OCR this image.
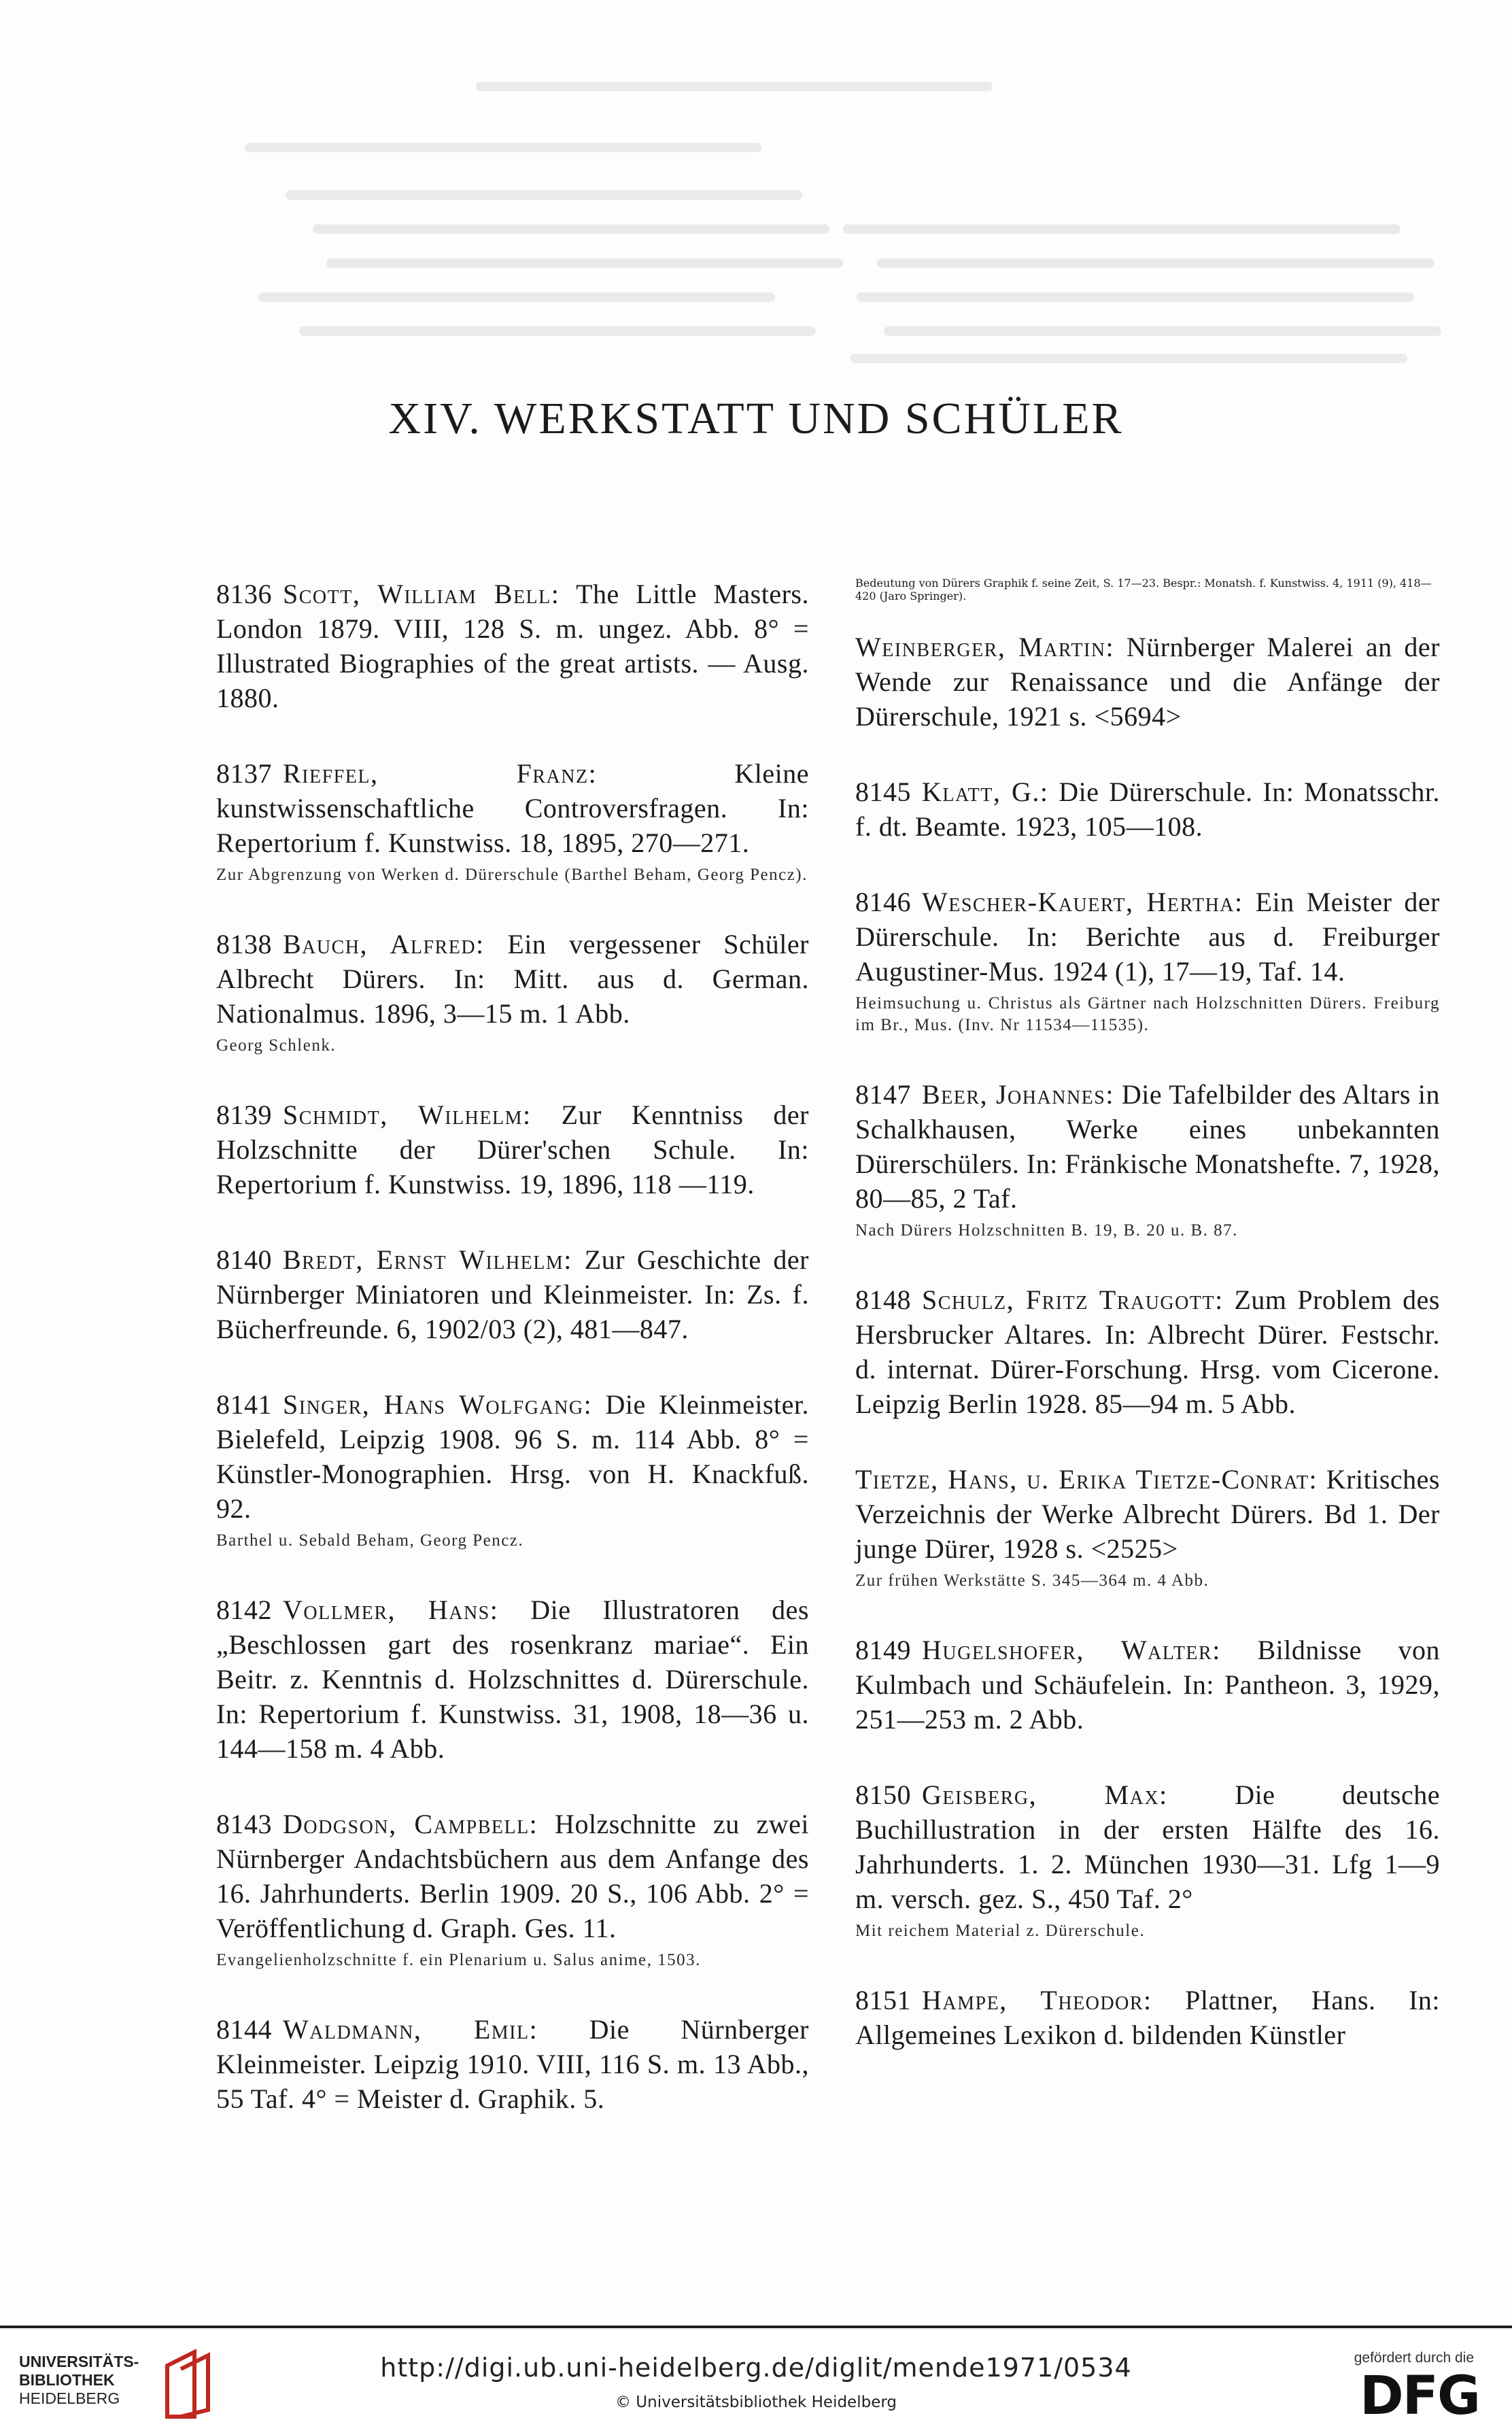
XIV. WERKSTATT UND SCHÜLER

8136 Scott, William Bell: The Little Masters. London 1879. VIII, 128 S. m. ungez. Abb. 8° = Illustrated Biographies of the great artists. — Ausg. 1880.

8137 Rieffel, Franz: Kleine kunstwissenschaftliche Controversfragen. In: Repertorium f. Kunstwiss. 18, 1895, 270—271.

Zur Abgrenzung von Werken d. Dürerschule (Barthel Beham, Georg Pencz).

8138 Bauch, Alfred: Ein vergessener Schüler Albrecht Dürers. In: Mitt. aus d. German. Nationalmus. 1896, 3—15 m. 1 Abb.

Georg Schlenk.

8139 Schmidt, Wilhelm: Zur Kenntniss der Holzschnitte der Dürer'schen Schule. In: Repertorium f. Kunstwiss. 19, 1896, 118 —119.

8140 Bredt, Ernst Wilhelm: Zur Geschichte der Nürnberger Miniatoren und Kleinmeister. In: Zs. f. Bücherfreunde. 6, 1902/03 (2), 481—847.

8141 Singer, Hans Wolfgang: Die Kleinmeister. Bielefeld, Leipzig 1908. 96 S. m. 114 Abb. 8° = Künstler-Monographien. Hrsg. von H. Knackfuß. 92.

Barthel u. Sebald Beham, Georg Pencz.

8142 Vollmer, Hans: Die Illustratoren des „Beschlossen gart des rosenkranz mariae“. Ein Beitr. z. Kenntnis d. Holzschnittes d. Dürerschule. In: Repertorium f. Kunstwiss. 31, 1908, 18—36 u. 144—158 m. 4 Abb.

8143 Dodgson, Campbell: Holzschnitte zu zwei Nürnberger Andachtsbüchern aus dem Anfange des 16. Jahrhunderts. Berlin 1909. 20 S., 106 Abb. 2° = Veröffentlichung d. Graph. Ges. 11.

Evangelienholzschnitte f. ein Plenarium u. Salus anime, 1503.

8144 Waldmann, Emil: Die Nürnberger Kleinmeister. Leipzig 1910. VIII, 116 S. m. 13 Abb., 55 Taf. 4° = Meister d. Graphik. 5.

Bedeutung von Dürers Graphik f. seine Zeit, S. 17—23. Bespr.: Monatsh. f. Kunstwiss. 4, 1911 (9), 418—420 (Jaro Springer).

Weinberger, Martin: Nürnberger Malerei an der Wende zur Renaissance und die Anfänge der Dürerschule, 1921 s. <5694>

8145 Klatt, G.: Die Dürerschule. In: Monatsschr. f. dt. Beamte. 1923, 105—108.

8146 Wescher-Kauert, Hertha: Ein Meister der Dürerschule. In: Berichte aus d. Freiburger Augustiner-Mus. 1924 (1), 17—19, Taf. 14.

Heimsuchung u. Christus als Gärtner nach Holzschnitten Dürers. Freiburg im Br., Mus. (Inv. Nr 11534—11535).

8147 Beer, Johannes: Die Tafelbilder des Altars in Schalkhausen, Werke eines unbekannten Dürerschülers. In: Fränkische Monatshefte. 7, 1928, 80—85, 2 Taf.

Nach Dürers Holzschnitten B. 19, B. 20 u. B. 87.

8148 Schulz, Fritz Traugott: Zum Problem des Hersbrucker Altares. In: Albrecht Dürer. Festschr. d. internat. Dürer-Forschung. Hrsg. vom Cicerone. Leipzig Berlin 1928. 85—94 m. 5 Abb.

Tietze, Hans, u. Erika Tietze-Conrat: Kritisches Verzeichnis der Werke Albrecht Dürers. Bd 1. Der junge Dürer, 1928 s. <2525>

Zur frühen Werkstätte S. 345—364 m. 4 Abb.

8149 Hugelshofer, Walter: Bildnisse von Kulmbach und Schäufelein. In: Pantheon. 3, 1929, 251—253 m. 2 Abb.

8150 Geisberg, Max: Die deutsche Buchillustration in der ersten Hälfte des 16. Jahrhunderts. 1. 2. München 1930—31. Lfg 1—9 m. versch. gez. S., 450 Taf. 2°

Mit reichem Material z. Dürerschule.

8151 Hampe, Theodor: Plattner, Hans. In: Allgemeines Lexikon d. bildenden Künstler

UNIVERSITÄTS-
BIBLIOTHEK
HEIDELBERG
http://digi.ub.uni-heidelberg.de/diglit/mende1971/0534
© Universitätsbibliothek Heidelberg
gefördert durch die
DFG
